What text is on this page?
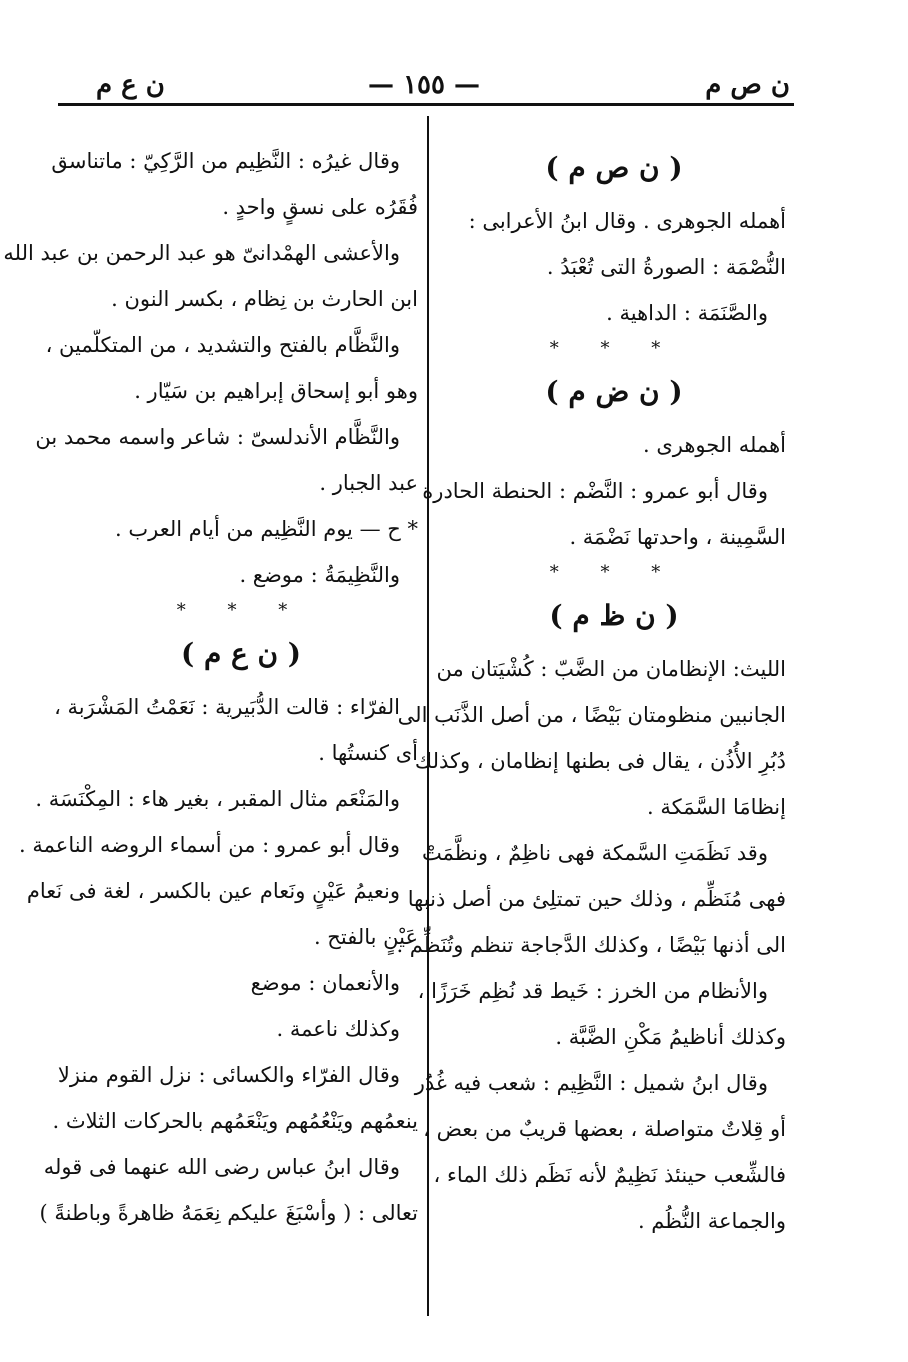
ن ع م	— ١٥٥ —	ن ص م
( ن ص م )
أهمله الجوهرى . وقال ابنُ الأعرابى :
النُّصْمَة : الصورةُ التى تُعْبَدُ .
والصَّنَمَة : الداهية .
* * *
( ن ض م )
أهمله الجوهرى .
وقال أبو عمرو : النَّضْم : الحنطة الحادرة
السَّمِينة ، واحدتها نَضْمَة .
* * *
( ن ظ م )
الليث: الإنظامان من الضَّبّ : كُشْيَتان من
الجانبين منظومتان بَيْضًا ، من أصل الذَّنَب الى
دُبُرِ الأُذُن ، يقال فى بطنها إنظامان ، وكذلك
إنظامَا السَّمَكة .
وقد نَظَمَتِ السَّمكة فهى ناظِمٌ ، ونظَّمَتْ
فهى مُنَظِّم ، وذلك حين تمتلِئ من أصل ذنبها
الى أذنها بَيْضًا ، وكذلك الدَّجاجة تنظم وتُنَظِّم .
والأنظام من الخرز : خَيط قد نُظِم خَرَزًا ،
وكذلك أناظيمُ مَكْنِ الضَّبَّة .
وقال ابنُ شميل : النَّظِيم : شعب فيه غُدُر
أو قِلاتٌ متواصلة ، بعضها قريبٌ من بعض ،
فالشِّعب حينئذ نَظِيمٌ لأنه نَظَم ذلك الماء ،
والجماعة النُّظُم .
وقال غيرُه : النَّظِيم من الرَّكِيّ : ماتناسق
فُقَرُه على نسقٍ واحدٍ .
والأعشى الهمْدانىّ هو عبد الرحمن بن عبد الله
ابن الحارث بن نِظام ، بكسر النون .
والنَّظَّام بالفتح والتشديد ، من المتكلّمين ،
وهو أبو إسحاق إبراهيم بن سَيّار .
والنَّظَّام الأندلسىّ : شاعر واسمه محمد بن
عبد الجبار .
* ح — يوم النَّظِيم من أيام العرب .
والنَّظِيمَةُ : موضع .
* * *
( ن ع م )
الفرّاء : قالت الدُّبَيرية : نَعَمْتُ المَشْرَبة ،
أى كنستُها .
والمَنْعَم مثال المقبر ، بغير هاء : المِكْنَسَة .
وقال أبو عمرو : من أسماء الروضه الناعمة .
ونعيمُ عَيْنٍ ونَعام عين بالكسر ، لغة فى نَعام
عَيْنٍ بالفتح .
والأنعمان : موضع
وكذلك ناعمة .
وقال الفرّاء والكسائى : نزل القوم منزلا
ينعمُهم ويَنْعُمُهم ويَنْعَمُهم بالحركات الثلاث .
وقال ابنُ عباس رضى الله عنهما فى قوله
تعالى : ( وأسْبَغَ عليكم نِعَمَهُ ظاهرةً وباطنةً )
